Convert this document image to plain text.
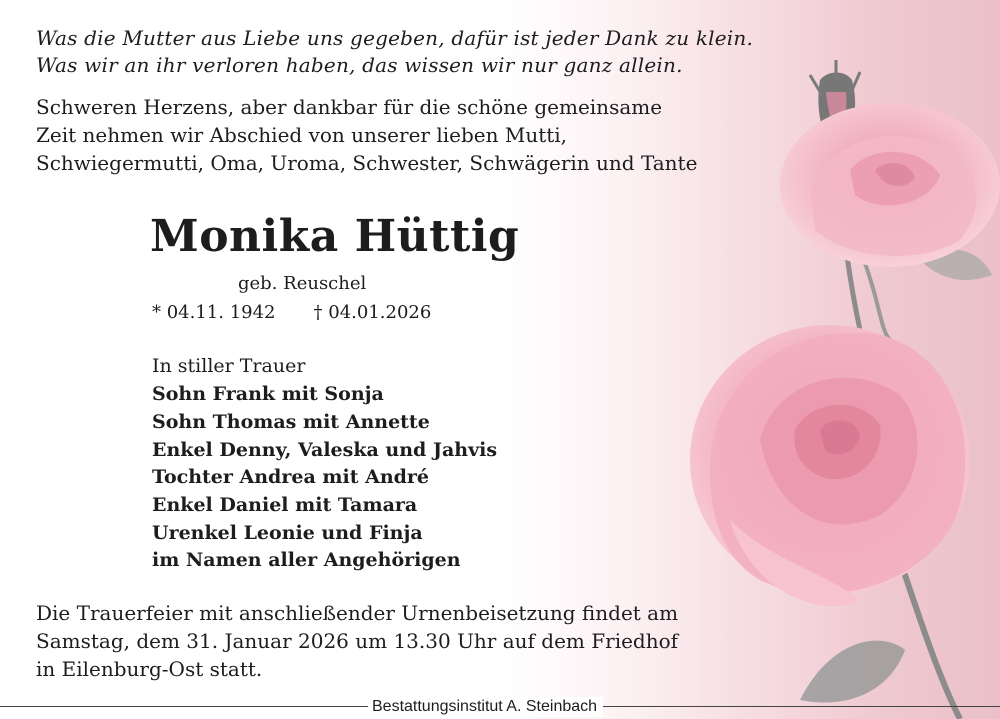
Was die Mutter aus Liebe uns gegeben, dafür ist jeder Dank zu klein.

Was wir an ihr verloren haben, das wissen wir nur ganz allein.

Schweren Herzens, aber dankbar für die schöne gemeinsame

Zeit nehmen wir Abschied von unserer lieben Mutti,

Schwiegermutti, Oma, Uroma, Schwester, Schwägerin und Tante

Monika Hüttig

geb. Reuschel

* 04.11. 1942 † 04.01.2026

In stiller Trauer

Sohn Frank mit Sonja

Sohn Thomas mit Annette

Enkel Denny, Valeska und Jahvis

Tochter Andrea mit André

Enkel Daniel mit Tamara

Urenkel Leonie und Finja

im Namen aller Angehörigen

Die Trauerfeier mit anschließender Urnenbeisetzung findet am

Samstag, dem 31. Januar 2026 um 13.30 Uhr auf dem Friedhof

in Eilenburg-Ost statt.

Bestattungsinstitut A. Steinbach
